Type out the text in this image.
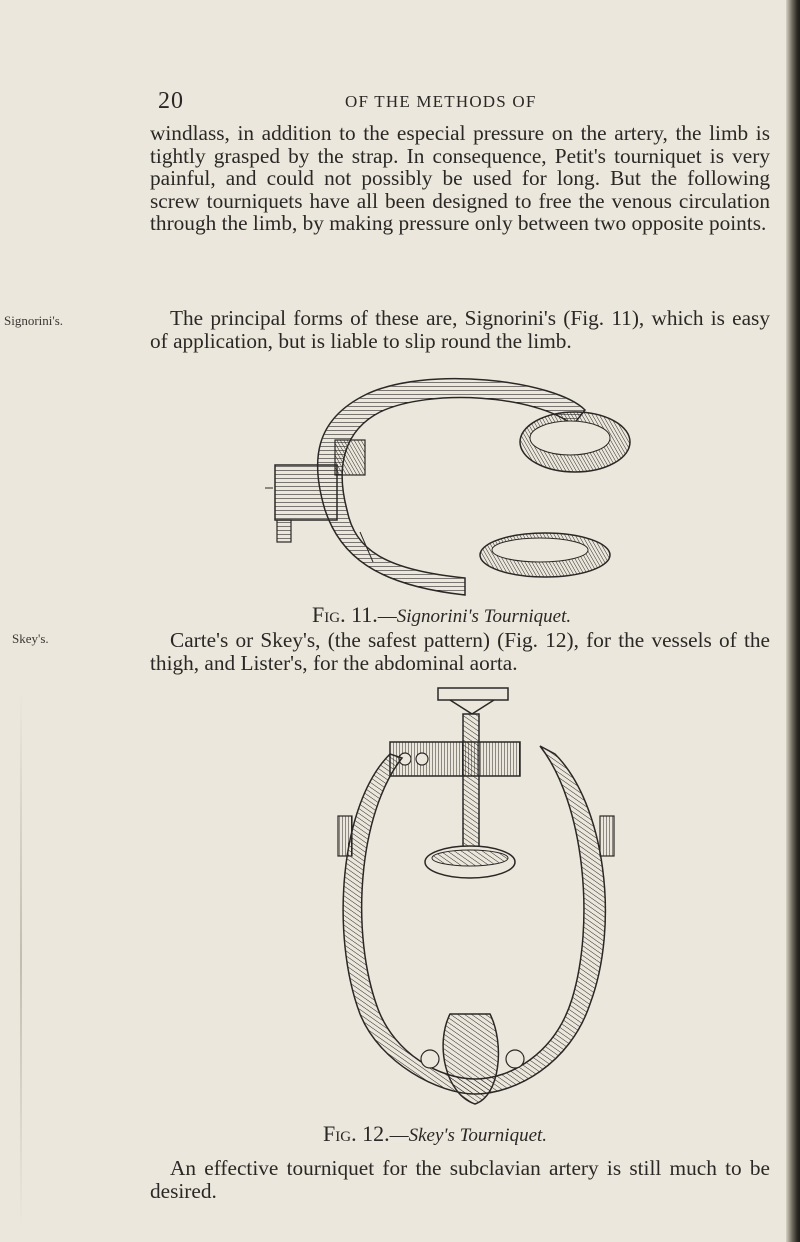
20	OF THE METHODS OF

windlass, in addition to the especial pressure on the artery, the limb is tightly grasped by the strap. In consequence, Petit's tourniquet is very painful, and could not possibly be used for long. But the following screw tourniquets have all been designed to free the venous circulation through the limb, by making pressure only between two opposite points.

Signorini's.	The principal forms of these are, Signorini's (Fig. 11), which is easy of application, but is liable to slip round the limb.

Fig. 11.—Signorini's Tourniquet.
Skey's.	Carte's or Skey's, (the safest pattern) (Fig. 12), for the vessels of the thigh, and Lister's, for the abdominal aorta.

Fig. 12.—Skey's Tourniquet.

An effective tourniquet for the subclavian artery is still much to be desired.
